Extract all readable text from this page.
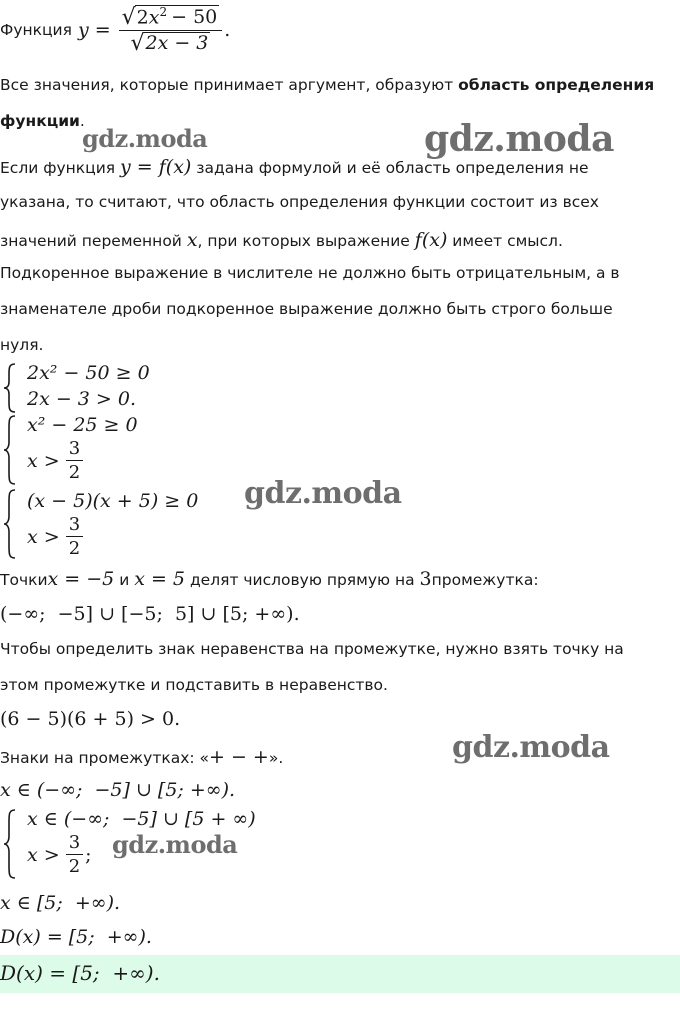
Функция $y = \frac{√ 2x^2 - 50}{√ 2x - 3}$ .
Все значения, которые принимает аргумент, образуют область определения
функции.
Если функция y = f(x) задана формулой и её область определения не
указана, то считают, что область определения функции состоит из всех
значений переменной x, при которых выражение f(x) имеет смысл.
Подкоренное выражение в числителе не должно быть отрицательным, а в
знаменателе дроби подкоренное выражение должно быть строго больше
нуля.
2x² − 50 ≥ 0
2x − 3 > 0.
x² − 25 ≥ 0
$x > \frac{3}{2}$
(x − 5)(x + 5) ≥ 0
$x > \frac{3}{2}$
Точки x = −5 и x = 5 делят числовую прямую на 3 промежутка:
(−∞;  −5] ∪ [−5;  5] ∪ [5; +∞).
Чтобы определить знак неравенства на промежутке, нужно взять точку на
этом промежутке и подставить в неравенство.
(6 − 5)(6 + 5) > 0.
Знаки на промежутках: « + − + ».
x ∈ (−∞;  −5] ∪ [5; +∞).
x ∈ (−∞;  −5] ∪ [5 + ∞)
$x > \frac{3}{2}$ ;
x ∈ [5;  +∞).
D(x) = [5;  +∞).
D(x) = [5;  +∞).
gdz.moda	gdz.moda
gdz.moda
gdz.moda
gdz.moda
